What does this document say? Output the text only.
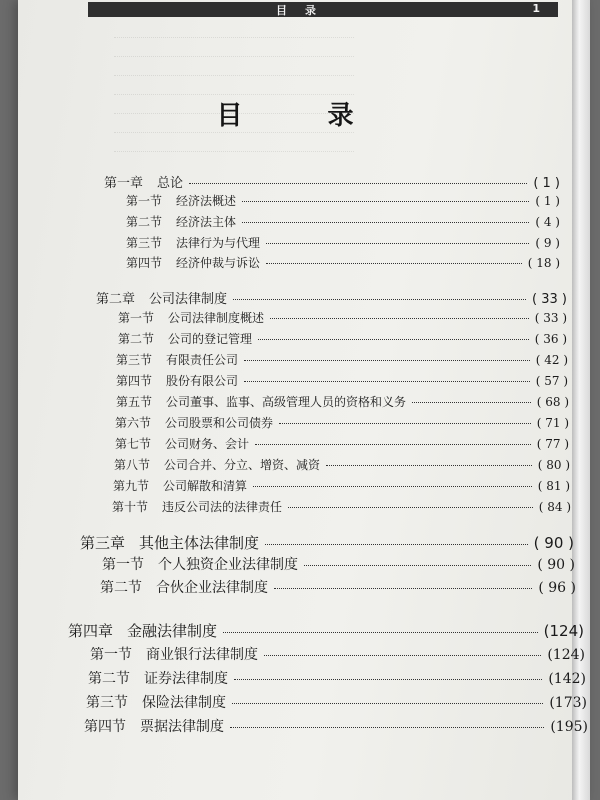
目录	1
目 录
第一章 总论	( 1 )
第一节 经济法概述	( 1 )
第二节 经济法主体	( 4 )
第三节 法律行为与代理	( 9 )
第四节 经济仲裁与诉讼	( 18 )
第二章 公司法律制度	( 33 )
第一节 公司法律制度概述	( 33 )
第二节 公司的登记管理	( 36 )
第三节 有限责任公司	( 42 )
第四节 股份有限公司	( 57 )
第五节 公司董事、监事、高级管理人员的资格和义务	( 68 )
第六节 公司股票和公司债券	( 71 )
第七节 公司财务、会计	( 77 )
第八节 公司合并、分立、增资、减资	( 80 )
第九节 公司解散和清算	( 81 )
第十节 违反公司法的法律责任	( 84 )
第三章 其他主体法律制度	( 90 )
第一节 个人独资企业法律制度	( 90 )
第二节 合伙企业法律制度	( 96 )
第四章 金融法律制度	(124)
第一节 商业银行法律制度	(124)
第二节 证券法律制度	(142)
第三节 保险法律制度	(173)
第四节 票据法律制度	(195)
